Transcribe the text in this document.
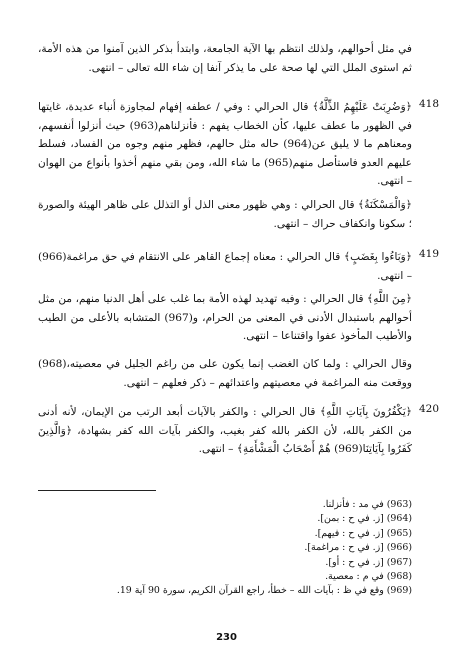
في مثل أحوالهم، ولذلك انتظم بها الآية الجامعة، وابتدأ بذكر الذين آمنوا من هذه الأمة، ثم استوى الملل التي لها صحة على ما يذكر آنفا إن شاء الله تعالى – انتهى.
418
﴿وَضُرِبَتْ عَلَيْهِمُ الذِّلَّةُ﴾ قال الحرالي : وفي / عطفه إفهام لمجاوزة أنباء عديدة، غايتها في الظهور ما عطف عليها، كأن الخطاب يفهم : فأنزلناهم(963) حيث أنزلوا أنفسهم، ومعناهم ما لا يليق عن(964) حاله مثل حالهم، فظهر منهم وجوه من الفساد، فسلط عليهم العدو فاستأصل منهم(965) ما شاء الله، ومن بقي منهم أخذوا بأنواع من الهوان – انتهى.
﴿وَالْمَسْكَنَةُ﴾ قال الحرالي : وهي ظهور معنى الذل أو التذلل على ظاهر الهيئة والصورة ؛ سكونا وانكفاف حراك – انتهى.
419
﴿وَبَاءُوا بِغَضَبٍ﴾ قال الحرالي : معناه إجماع القاهر على الانتقام في حق مراغمة(966) – انتهى.
﴿مِنَ اللَّهِ﴾ قال الحرالي : وفيه تهديد لهذه الأمة بما غلب على أهل الدنيا منهم، من مثل أحوالهم باستبدال الأدنى في المعنى من الحرام، و(967) المتشابه بالأعلى من الطيب والأطيب المأخوذ عفوا واقتناعا – انتهى.
وقال الحرالي : ولما كان الغضب إنما يكون على من راغم الجليل في معصيته،(968) ووقعت منه المراغمة في معصيتهم واعتدائهم – ذكر فعلهم – انتهى.
420
﴿يَكْفُرُونَ بِآيَاتِ اللَّهِ﴾ قال الحرالي : والكفر بالآيات أبعد الرتب من الإيمان، لأنه أدنى من الكفر بالله، لأن الكفر بالله كفر بغيب، والكفر بآيات الله كفر بشهادة، ﴿وَالَّذِينَ كَفَرُوا بِآيَاتِنَا(969) هُمْ أَصْحَابُ الْمَشْأَمَةِ﴾ – انتهى.
(963) في مد : فأنزلنا.
(964) [ز. في ح : بمن].
(965) [ز. في ح : فيهم].
(966) [ز. في ح : مراغمة].
(967) [ز. في ح : أو].
(968) في م : معصية.
(969) وقع في ظ : بآيات الله – خطأ، راجع القرآن الكريم، سورة 90 آية 19.
230
